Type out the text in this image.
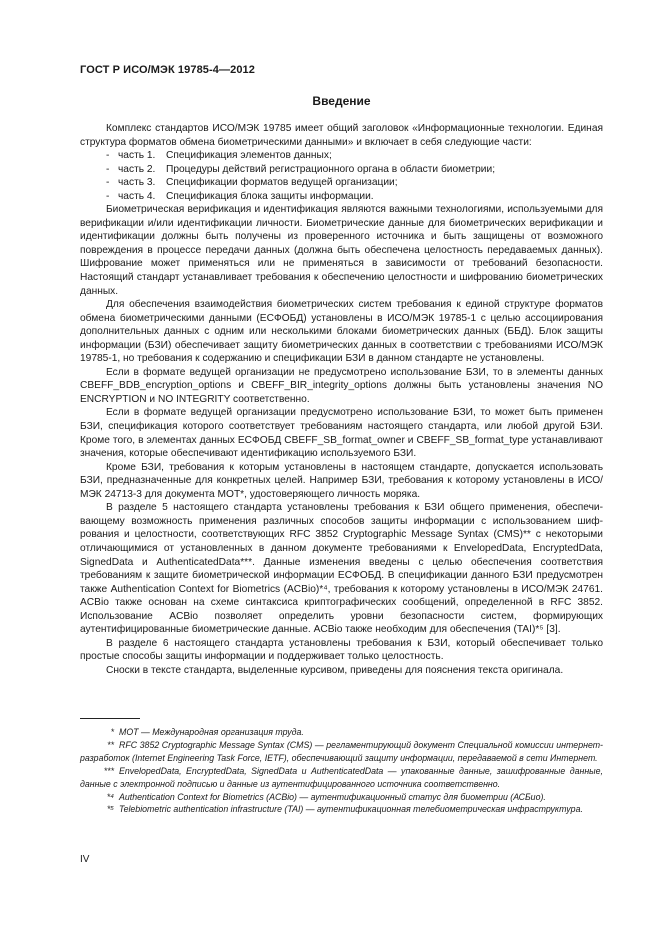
ГОСТ Р ИСО/МЭК 19785-4—2012
Введение

Комплекс стандартов ИСО/МЭК 19785 имеет общий заголовок «Информационные технологии. Единая структура форматов обмена биометрическими данными» и включает в себя следующие части:

- часть 1. Спецификация элементов данных;
- часть 2. Процедуры действий регистрационного органа в области биометрии;
- часть 3. Спецификации форматов ведущей организации;
- часть 4. Спецификация блока защиты информации.

Биометрическая верификация и идентификация являются важными технологиями, используемыми для верификации и/или идентификации личности. Биометрические данные для биометрических верификации и идентификации должны быть получены из проверенного источника и быть защищены от возможного повреждения в процессе передачи данных (должна быть обеспечена целостность передаваемых данных). Шифрование может применяться или не применяться в зависимости от требований безопасности. Настоящий стандарт устанавливает требования к обеспечению целостности и шифрованию биометрических данных.

Для обеспечения взаимодействия биометрических систем требования к единой структуре форматов обмена биометрическими данными (ЕСФОБД) установлены в ИСО/МЭК 19785-1 с целью ассоциирования дополнительных данных с одним или несколькими блоками биометрических данных (ББД). Блок защиты информации (БЗИ) обеспечивает защиту биометрических данных в соответствии с требованиями ИСО/МЭК 19785-1, но требования к содержанию и спецификации БЗИ в данном стандарте не установлены.

Если в формате ведущей организации не предусмотрено использование БЗИ, то в элементы данных CBEFF_BDB_encryption_options и CBEFF_BIR_integrity_options должны быть установлены значения NO ENCRYPTION и NO INTEGRITY соответственно.

Если в формате ведущей организации предусмотрено использование БЗИ, то может быть применен БЗИ, спецификация которого соответствует требованиям настоящего стандарта, или любой другой БЗИ. Кроме того, в элементах данных ЕСФОБД CBEFF_SB_format_owner и CBEFF_SB_format_type устанавливают значения, которые обеспечивают идентификацию используемого БЗИ.

Кроме БЗИ, требования к которым установлены в настоящем стандарте, допускается использовать БЗИ, предназначенные для конкретных целей. Например БЗИ, требования к которому установлены в ИСО/МЭК 24713-3 для документа МОТ*, удостоверяющего личность моряка.

В разделе 5 настоящего стандарта установлены требования к БЗИ общего применения, обеспечивающему возможность применения различных способов защиты информации с использованием шифрования и целостности, соответствующих RFC 3852 Cryptographic Message Syntax (CMS)** с некоторыми отличающимися от установленных в данном документе требованиями к EnvelopedData, EncryptedData, SignedData и AuthenticatedData***. Данные изменения введены с целью обеспечения соответствия требованиям к защите биометрической информации ЕСФОБД. В спецификации данного БЗИ предусмотрен также Authentication Context for Biometrics (ACBio)*⁴, требования к которому установлены в ИСО/МЭК 24761. ACBio также основан на схеме синтаксиса криптографических сообщений, определенной в RFC 3852. Использование ACBio позволяет определить уровни безопасности систем, формирующих аутентифицированные биометрические данные. ACBio также необходим для обеспечения (TAI)*⁵ [3].

В разделе 6 настоящего стандарта установлены требования к БЗИ, который обеспечивает только простые способы защиты информации и поддерживает только целостность.

Сноски в тексте стандарта, выделенные курсивом, приведены для пояснения текста оригинала.

* МОТ — Международная организация труда.

** RFC 3852 Cryptographic Message Syntax (CMS) — регламентирующий документ Специальной комиссии интернет-разработок (Internet Engineering Task Force, IETF), обеспечивающий защиту информации, передаваемой в сети Интернет.

*** EnvelopedData, EncryptedData, SignedData и AuthenticatedData — упакованные данные, зашифрованные данные, данные с электронной подписью и данные из аутентифицированного источника соответственно.

*⁴ Authentication Context for Biometrics (ACBio) — аутентификационный статус для биометрии (АСБио).

*⁵ Telebiometric authentication infrastructure (TAI) — аутентификационная телебиометрическая инфраструктура.

IV
